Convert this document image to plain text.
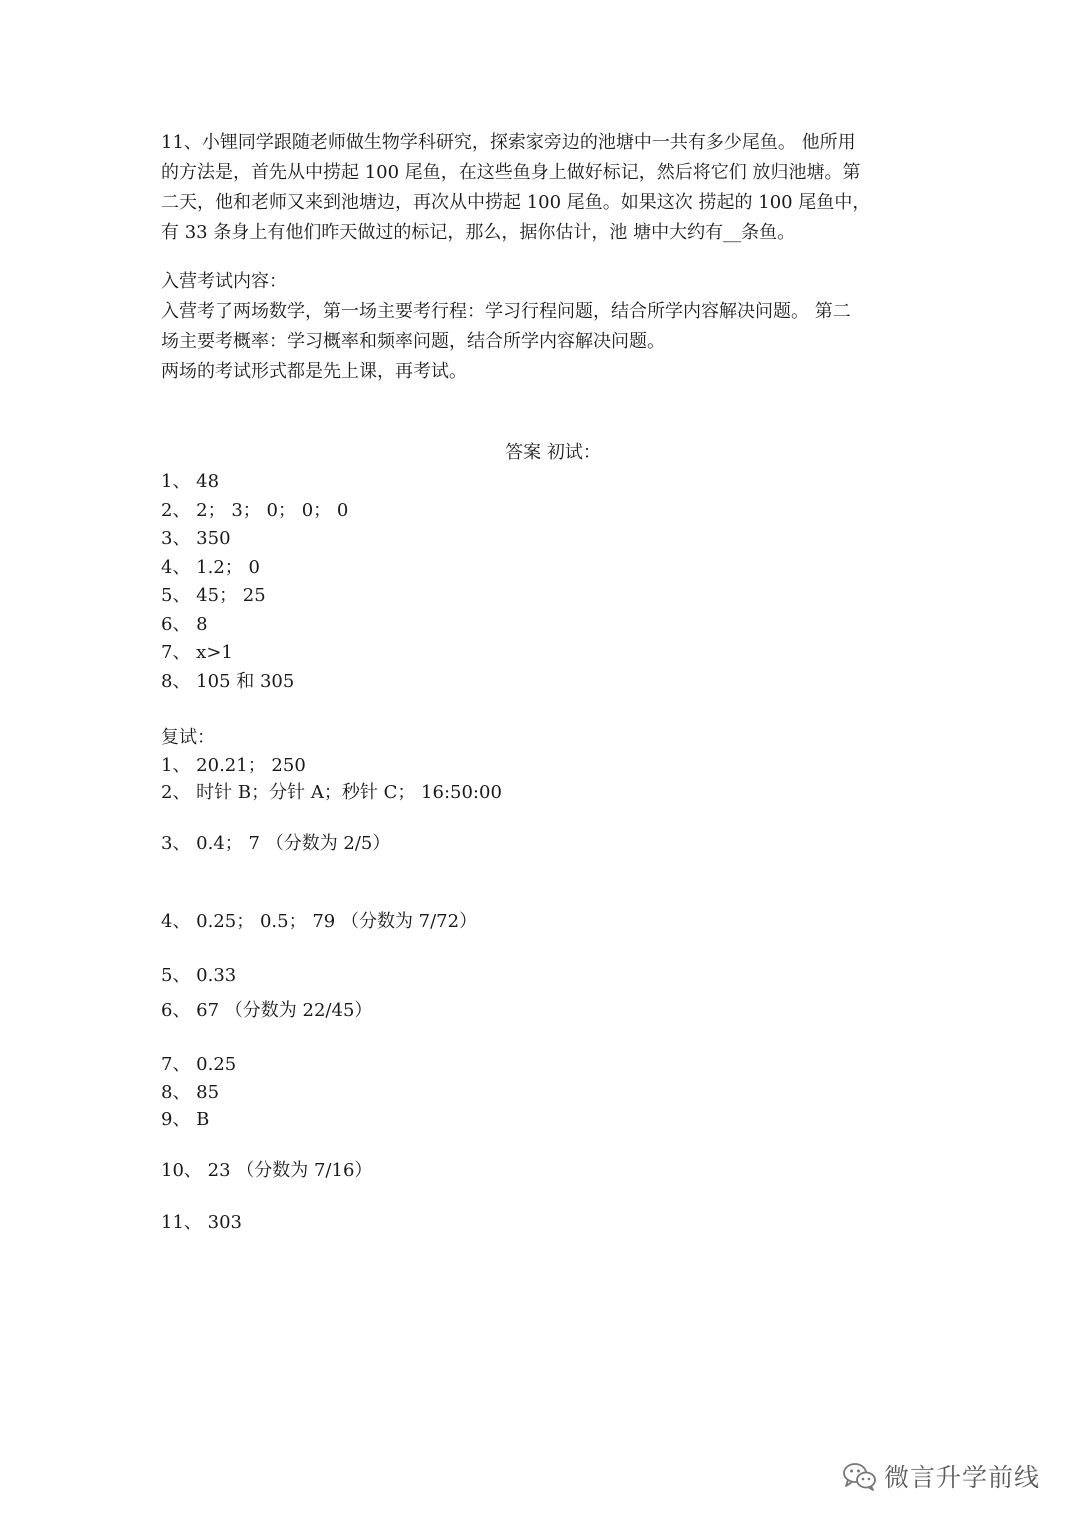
11、小锂同学跟随老师做生物学科研究，探索家旁边的池塘中一共有多少尾鱼。 他所用
的方法是，首先从中捞起 100 尾鱼，在这些鱼身上做好标记，然后将它们 放归池塘。第
二天，他和老师又来到池塘边，再次从中捞起 100 尾鱼。如果这次 捞起的 100 尾鱼中，
有 33 条身上有他们昨天做过的标记，那么，据你估计，池 塘中大约有__条鱼。
入营考试内容：
入营考了两场数学，第一场主要考行程：学习行程问题，结合所学内容解决问题。 第二
场主要考概率：学习概率和频率问题，结合所学内容解决问题。
两场的考试形式都是先上课，再考试。
答案 初试：
1、 48
2、 2； 3； 0； 0； 0
3、 350
4、 1.2； 0
5、 45； 25
6、 8
7、 x>1
8、 105 和 305
复试：
1、 20.21； 250
2、 时针 B；分针 A；秒针 C； 16:50:00
3、 0.4； 7 （分数为 2/5）
4、 0.25； 0.5； 79 （分数为 7/72）
5、 0.33
6、 67 （分数为 22/45）
7、 0.25
8、 85
9、 B
10、 23 （分数为 7/16）
11、 303
微言升学前线
